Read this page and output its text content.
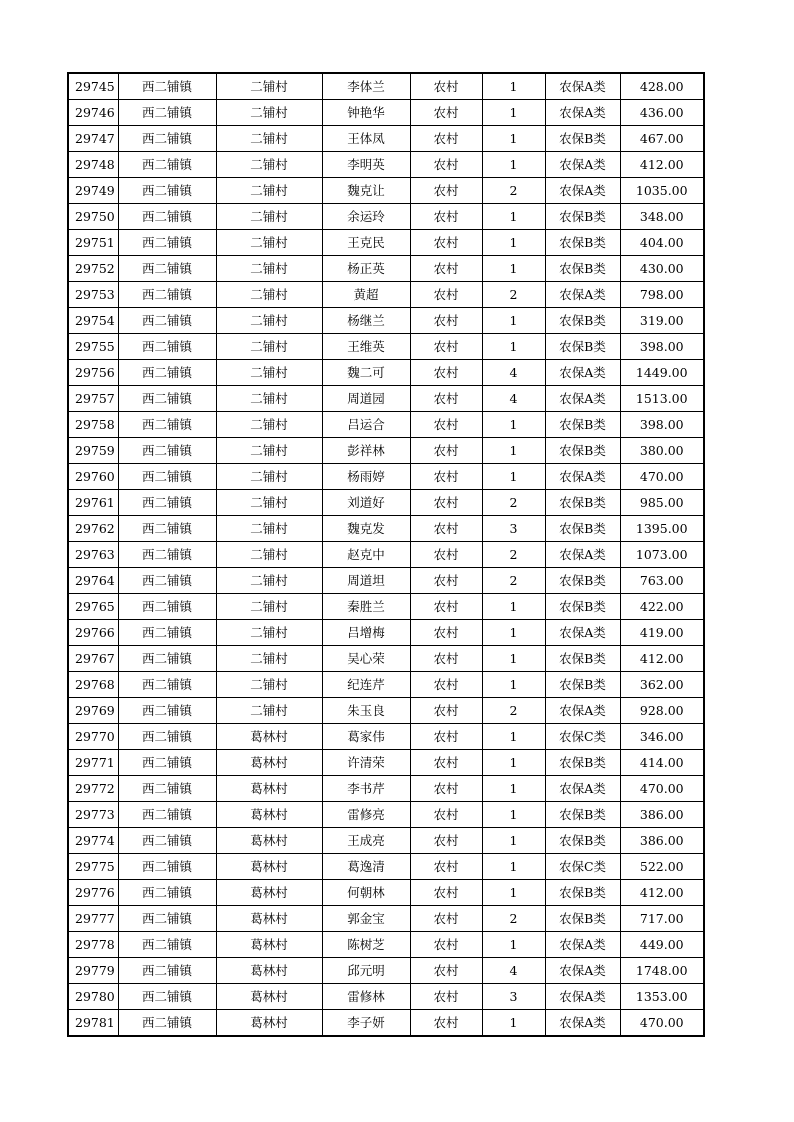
29745	西二铺镇	二铺村	李体兰	农村	1	农保A类	428.00
29746	西二铺镇	二铺村	钟艳华	农村	1	农保A类	436.00
29747	西二铺镇	二铺村	王体凤	农村	1	农保B类	467.00
29748	西二铺镇	二铺村	李明英	农村	1	农保A类	412.00
29749	西二铺镇	二铺村	魏克让	农村	2	农保A类	1035.00
29750	西二铺镇	二铺村	余运玲	农村	1	农保B类	348.00
29751	西二铺镇	二铺村	王克民	农村	1	农保B类	404.00
29752	西二铺镇	二铺村	杨正英	农村	1	农保B类	430.00
29753	西二铺镇	二铺村	黄超	农村	2	农保A类	798.00
29754	西二铺镇	二铺村	杨继兰	农村	1	农保B类	319.00
29755	西二铺镇	二铺村	王维英	农村	1	农保B类	398.00
29756	西二铺镇	二铺村	魏二可	农村	4	农保A类	1449.00
29757	西二铺镇	二铺村	周道园	农村	4	农保A类	1513.00
29758	西二铺镇	二铺村	吕运合	农村	1	农保B类	398.00
29759	西二铺镇	二铺村	彭祥林	农村	1	农保B类	380.00
29760	西二铺镇	二铺村	杨雨婷	农村	1	农保A类	470.00
29761	西二铺镇	二铺村	刘道好	农村	2	农保B类	985.00
29762	西二铺镇	二铺村	魏克发	农村	3	农保B类	1395.00
29763	西二铺镇	二铺村	赵克中	农村	2	农保A类	1073.00
29764	西二铺镇	二铺村	周道坦	农村	2	农保B类	763.00
29765	西二铺镇	二铺村	秦胜兰	农村	1	农保B类	422.00
29766	西二铺镇	二铺村	吕增梅	农村	1	农保A类	419.00
29767	西二铺镇	二铺村	吴心荣	农村	1	农保B类	412.00
29768	西二铺镇	二铺村	纪连芹	农村	1	农保B类	362.00
29769	西二铺镇	二铺村	朱玉良	农村	2	农保A类	928.00
29770	西二铺镇	葛林村	葛家伟	农村	1	农保C类	346.00
29771	西二铺镇	葛林村	许清荣	农村	1	农保B类	414.00
29772	西二铺镇	葛林村	李书芹	农村	1	农保A类	470.00
29773	西二铺镇	葛林村	雷修亮	农村	1	农保B类	386.00
29774	西二铺镇	葛林村	王成亮	农村	1	农保B类	386.00
29775	西二铺镇	葛林村	葛逸清	农村	1	农保C类	522.00
29776	西二铺镇	葛林村	何朝林	农村	1	农保B类	412.00
29777	西二铺镇	葛林村	郭金宝	农村	2	农保B类	717.00
29778	西二铺镇	葛林村	陈树芝	农村	1	农保A类	449.00
29779	西二铺镇	葛林村	邱元明	农村	4	农保A类	1748.00
29780	西二铺镇	葛林村	雷修林	农村	3	农保A类	1353.00
29781	西二铺镇	葛林村	李子妍	农村	1	农保A类	470.00
